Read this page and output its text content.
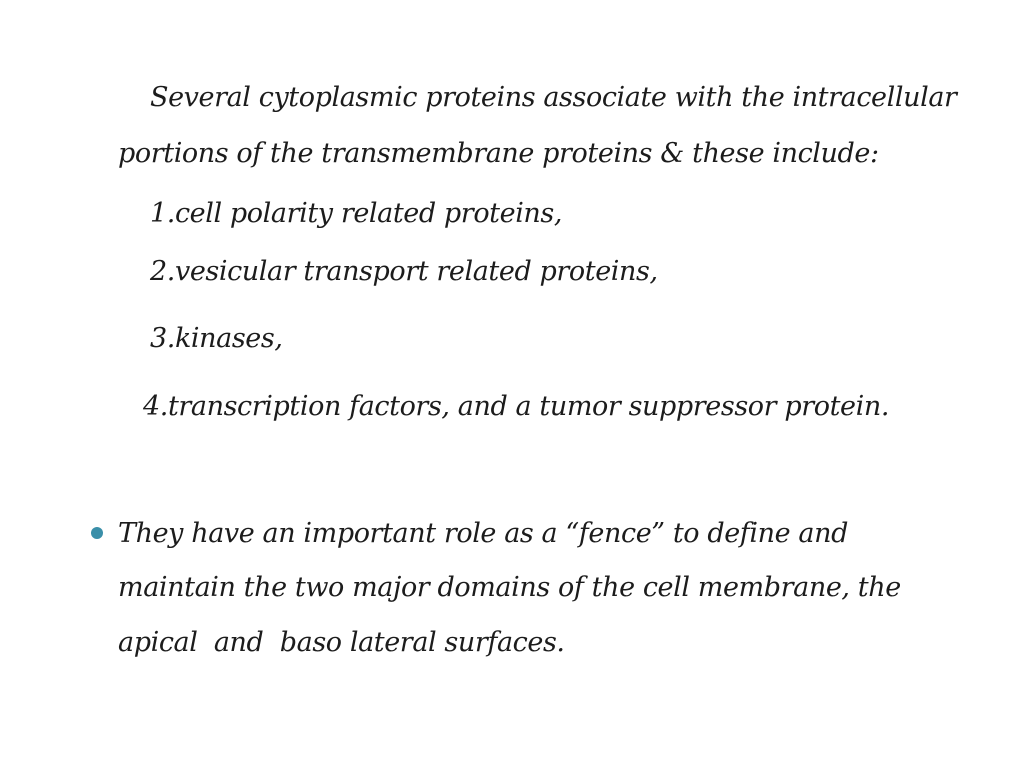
Several cytoplasmic proteins associate with the intracellular
portions of the transmembrane proteins & these include:
1.cell polarity related proteins,
2.vesicular transport related proteins,
3.kinases,
4.transcription factors, and a tumor suppressor protein.
They have an important role as a “fence” to define and
maintain the two major domains of the cell membrane, the
apical  and  baso lateral surfaces.
